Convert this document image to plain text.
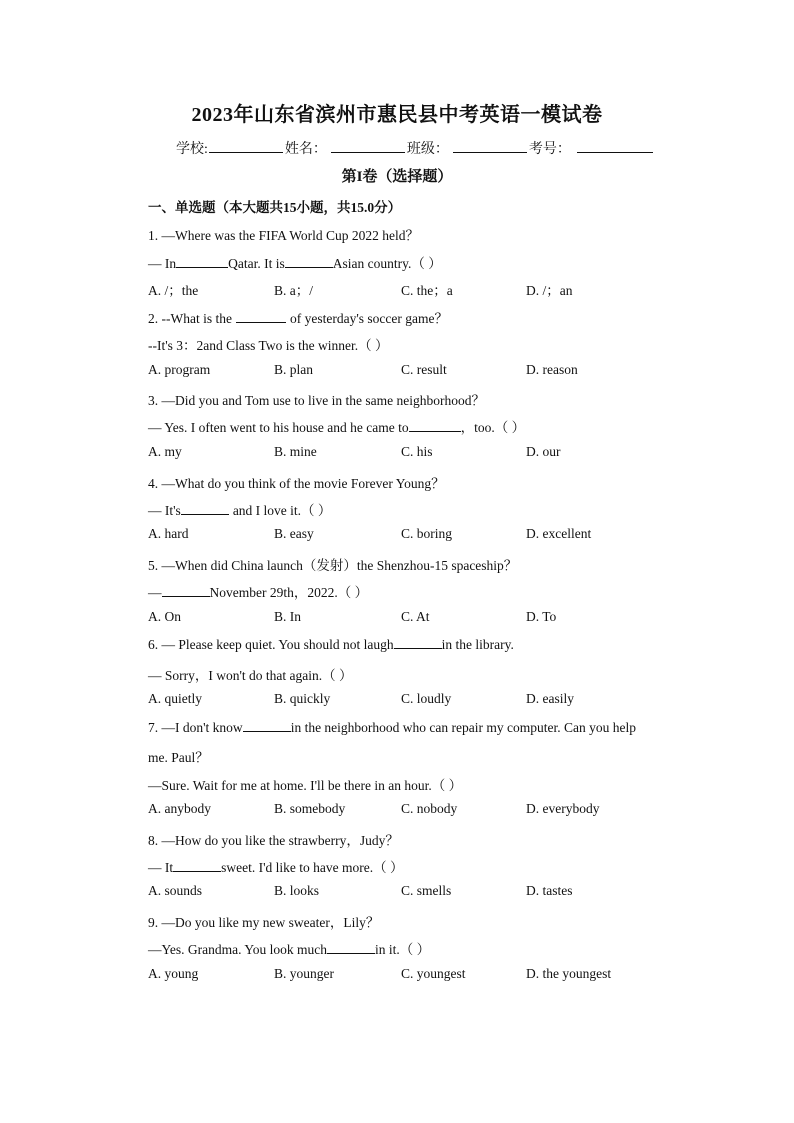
2023年山东省滨州市惠民县中考英语一模试卷
学校:	姓名：	班级：	考号：
第I卷（选择题）
一、单选题（本大题共15小题，共15.0分）
1. —Where was the FIFA World Cup 2022 held？
— In	Qatar. It is	Asian country.（ ）
A. /；the	B. a；/	C. the；a	D. /；an
2. --What is the	of yesterday's soccer game？
--It's 3：2and Class Two is the winner.（ ）
A. program	B. plan	C. result	D. reason
3. —Did you and Tom use to live in the same neighborhood？
— Yes. I often went to his house and he came to	，too.（ ）
A. my	B. mine	C. his	D. our
4. —What do you think of the movie Forever Young？
— It's	and I love it.（ ）
A. hard	B. easy	C. boring	D. excellent
5. —When did China launch（发射）the Shenzhou-15 spaceship？
—	November 29th，2022.（ ）
A. On	B. In	C. At	D. To
6. — Please keep quiet. You should not laugh	in the library.
— Sorry，I won't do that again.（ ）
A. quietly	B. quickly	C. loudly	D. easily
7. —I don't know	in the neighborhood who can repair my computer. Can you help
me. Paul？
—Sure. Wait for me at home. I'll be there in an hour.（ ）
A. anybody	B. somebody	C. nobody	D. everybody
8. —How do you like the strawberry，Judy？
— It	sweet. I'd like to have more.（ ）
A. sounds	B. looks	C. smells	D. tastes
9. —Do you like my new sweater，Lily？
—Yes. Grandma. You look much	in it.（ ）
A. young	B. younger	C. youngest	D. the youngest
